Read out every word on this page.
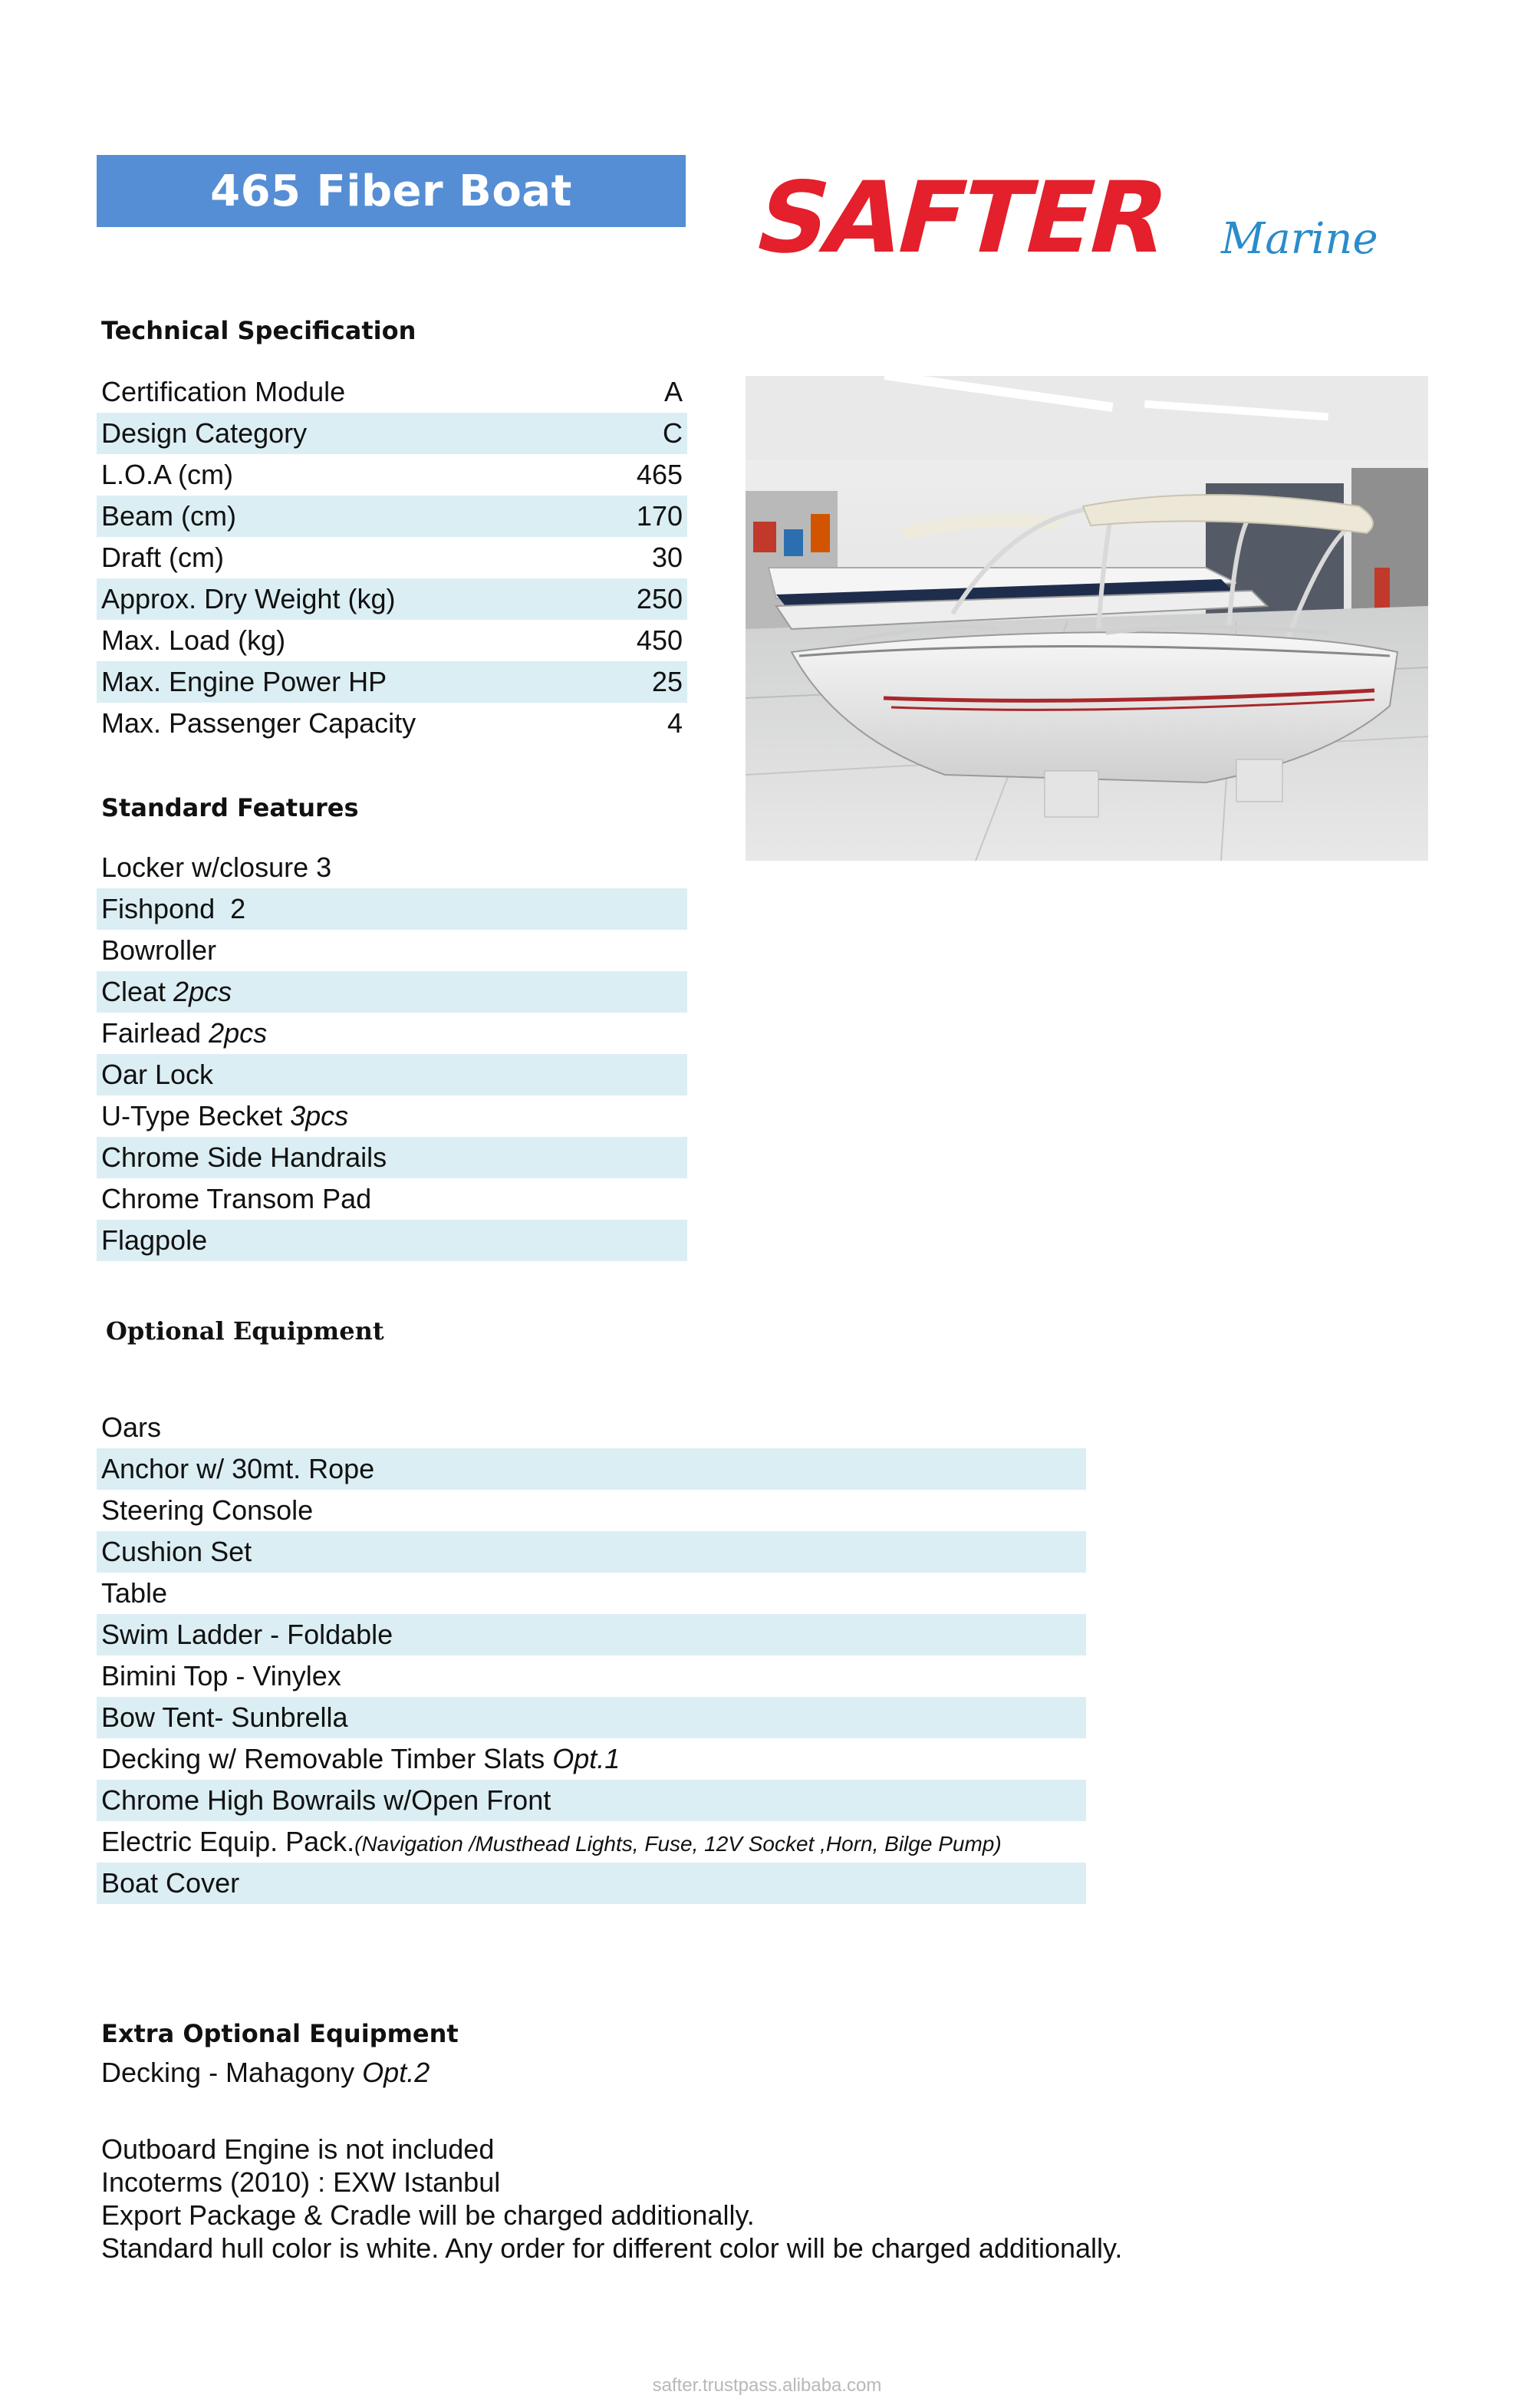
465 Fiber Boat	SAFTER Marine
Technical Specification
Certification Module	A
Design Category	C
L.O.A (cm)	465
Beam (cm)	170
Draft (cm)	30
Approx. Dry Weight (kg)	250
Max. Load (kg)	450
Max. Engine Power HP	25
Max. Passenger Capacity	4
Standard Features
Locker w/closure 3
Fishpond  2
Bowroller
Cleat 2pcs
Fairlead 2pcs
Oar Lock
U-Type Becket 3pcs
Chrome Side Handrails
Chrome Transom Pad
Flagpole
Optional Equipment
Oars
Anchor w/ 30mt. Rope
Steering Console
Cushion Set
Table
Swim Ladder - Foldable
Bimini Top - Vinylex
Bow Tent- Sunbrella
Decking w/ Removable Timber Slats Opt.1
Chrome High Bowrails w/Open Front
Electric Equip. Pack.(Navigation /Musthead Lights, Fuse, 12V Socket ,Horn, Bilge Pump)
Boat Cover
Extra Optional Equipment
Decking - Mahagony Opt.2
Outboard Engine is not included
Incoterms (2010) : EXW Istanbul
Export Package & Cradle will be charged additionally.
Standard hull color is white. Any order for different color will be charged additionally.
safter.trustpass.alibaba.com
